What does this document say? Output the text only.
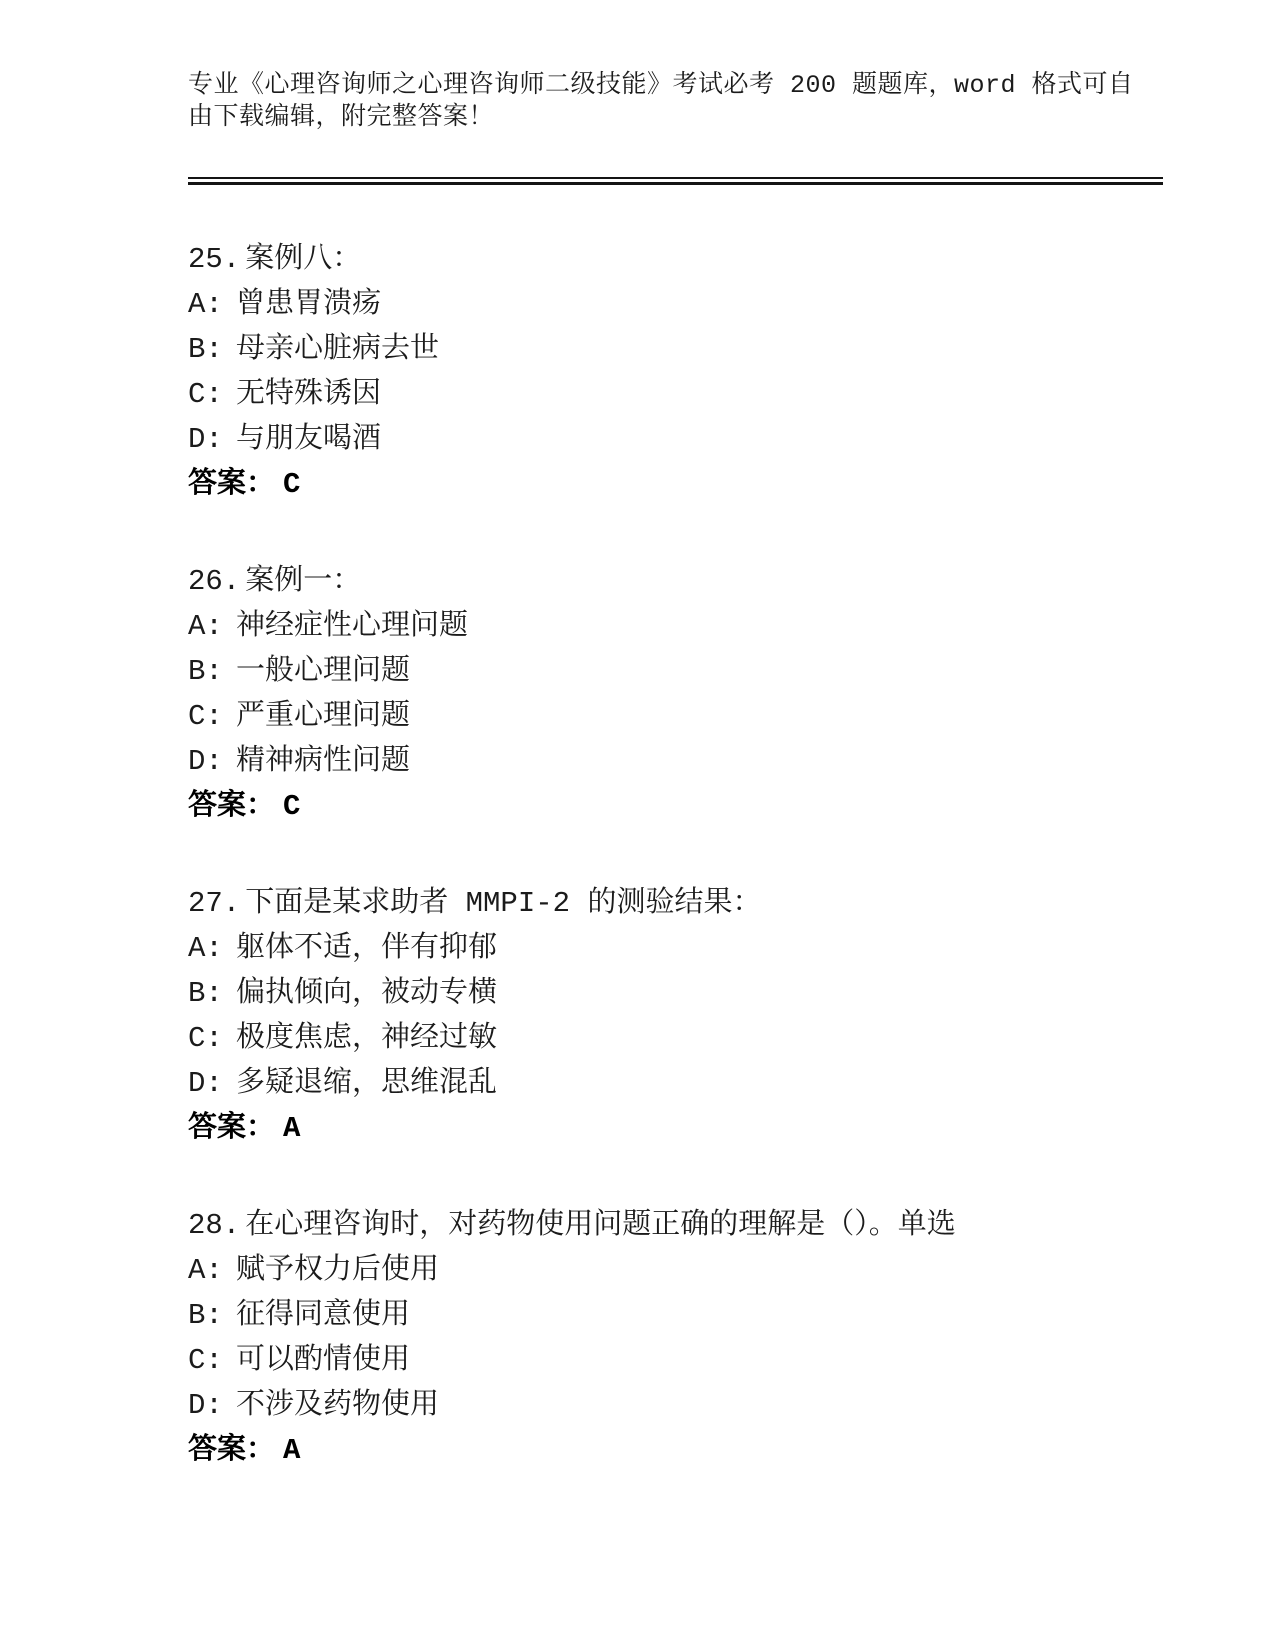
专业《心理咨询师之心理咨询师二级技能》考试必考 200 题题库，word 格式可自
由下载编辑，附完整答案！
25. 案例八：
A: 曾患胃溃疡
B: 母亲心脏病去世
C: 无特殊诱因
D: 与朋友喝酒
答案： C
26. 案例一：
A: 神经症性心理问题
B: 一般心理问题
C: 严重心理问题
D: 精神病性问题
答案： C
27. 下面是某求助者 MMPI-2 的测验结果：
A: 躯体不适，伴有抑郁
B: 偏执倾向，被动专横
C: 极度焦虑，神经过敏
D: 多疑退缩，思维混乱
答案： A
28. 在心理咨询时，对药物使用问题正确的理解是（）。单选
A: 赋予权力后使用
B: 征得同意使用
C: 可以酌情使用
D: 不涉及药物使用
答案： A
